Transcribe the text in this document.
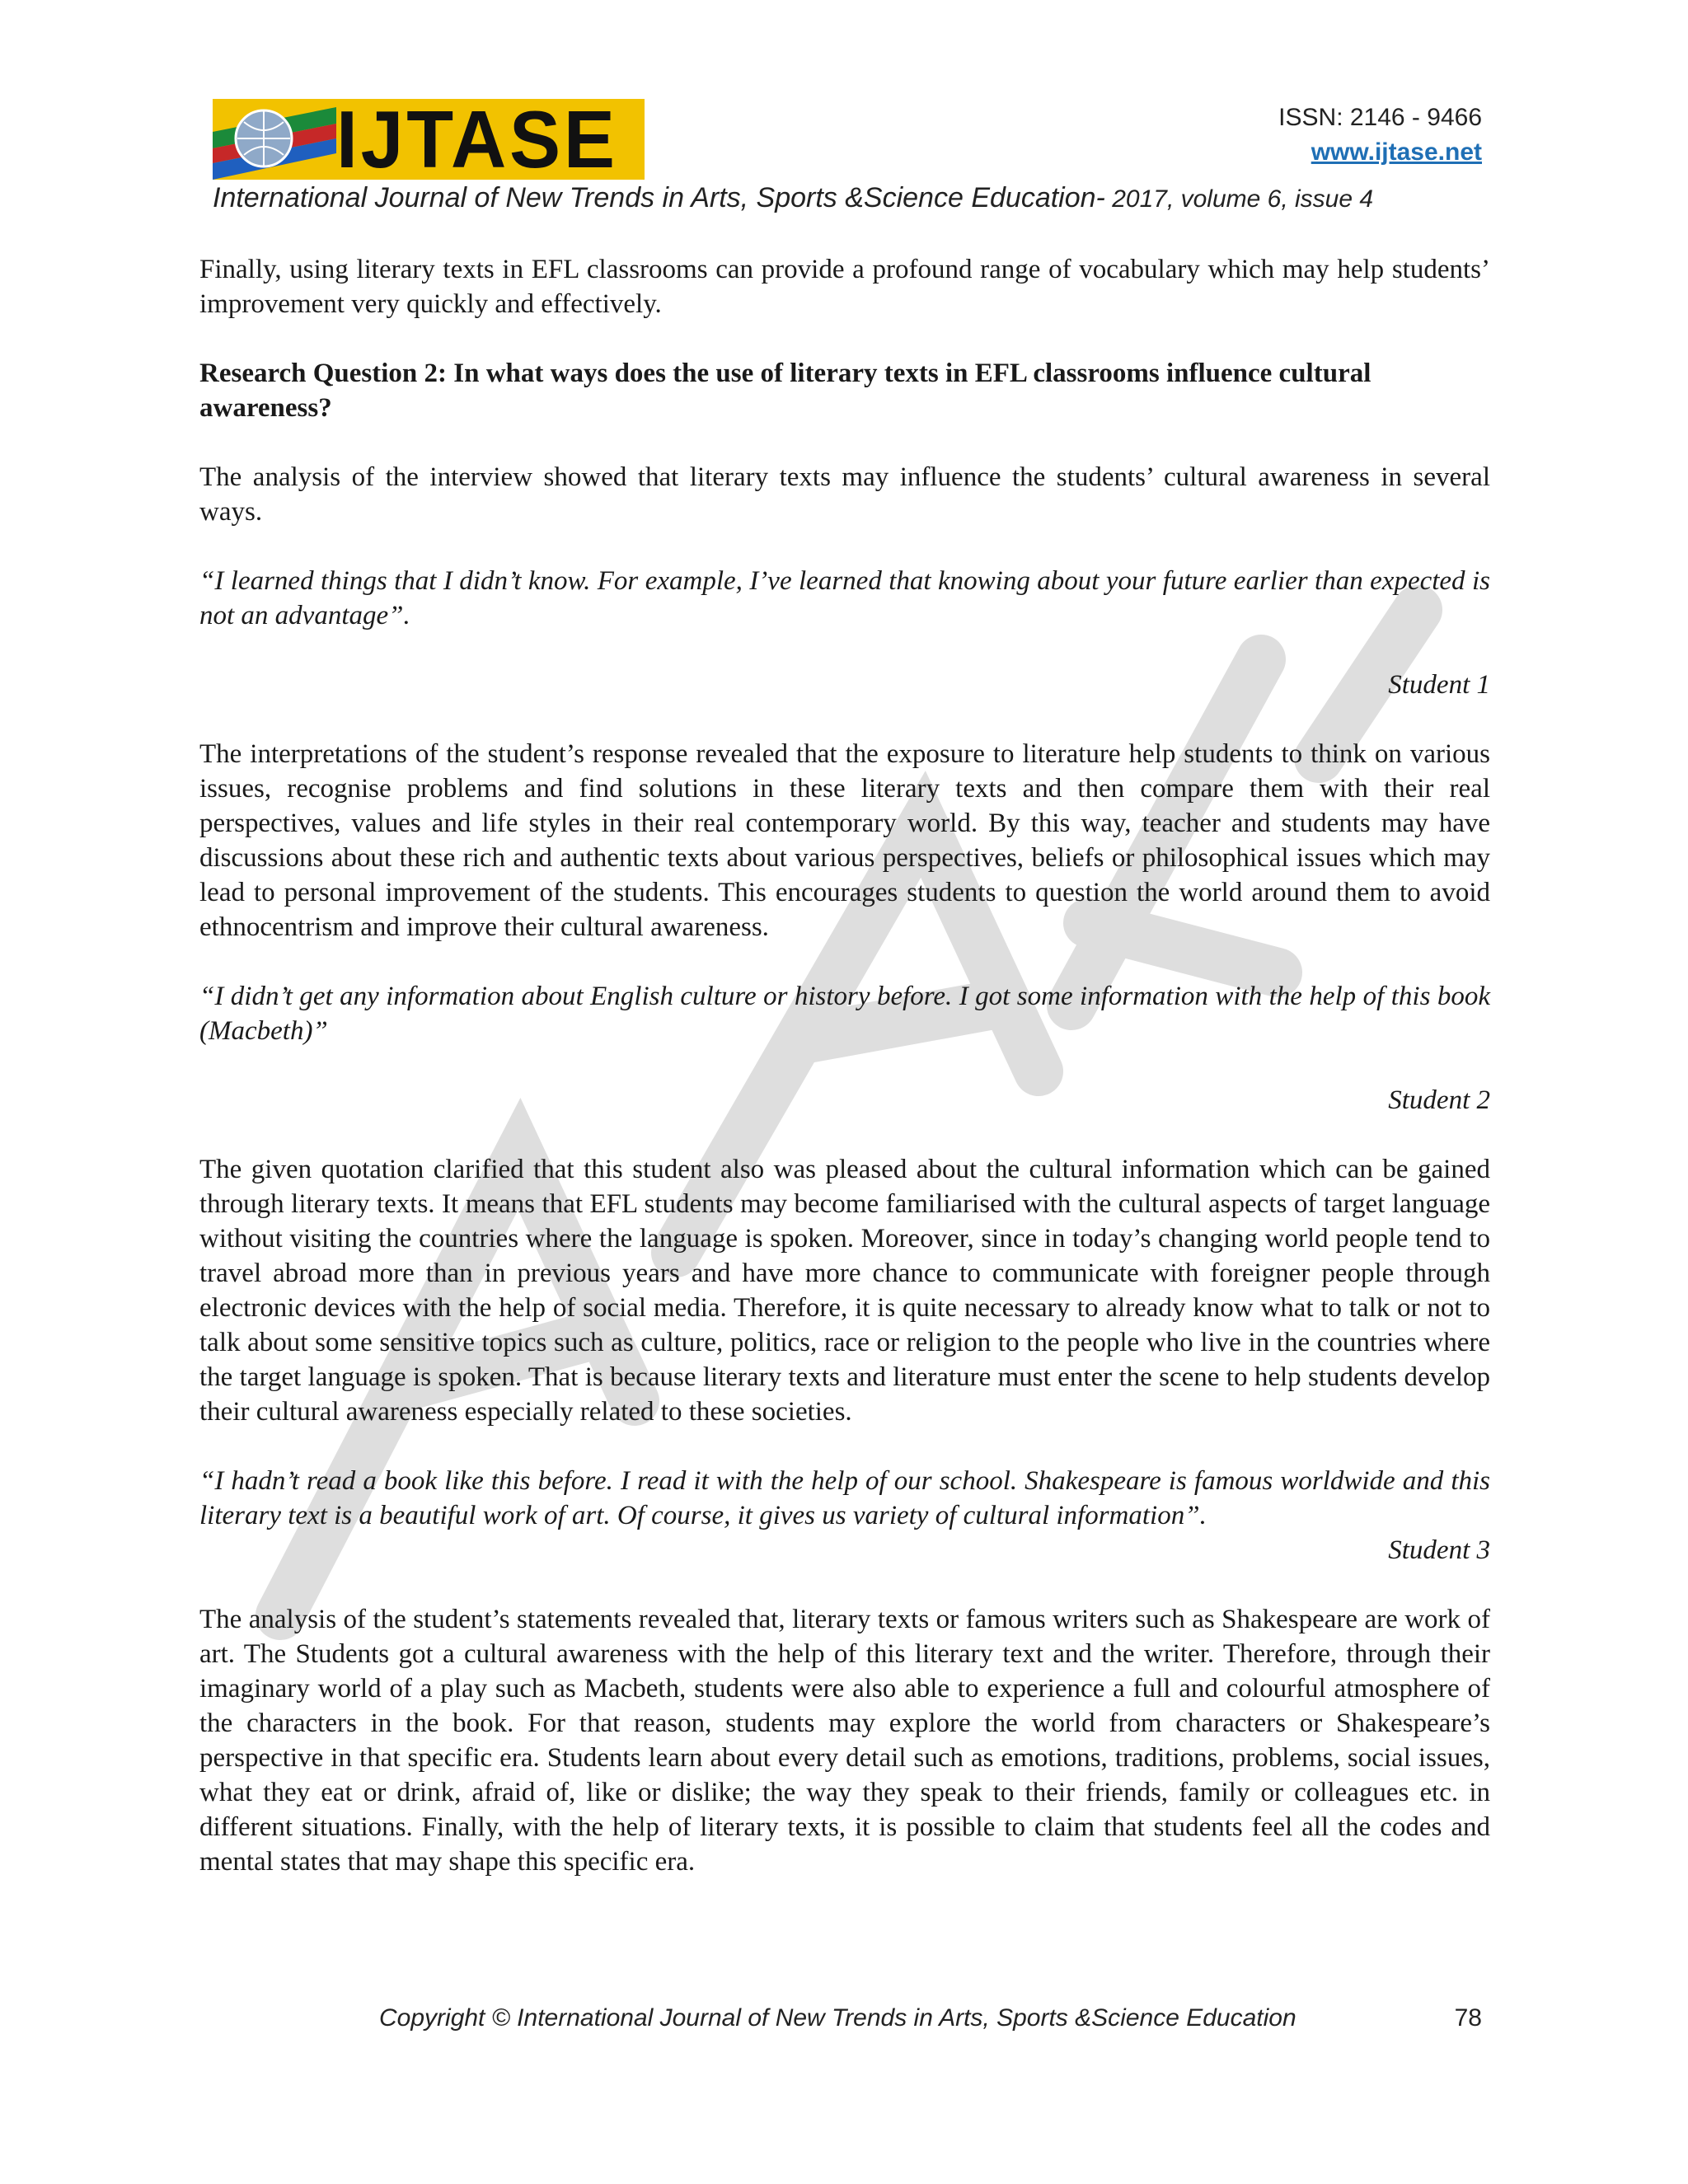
IJTASE	ISSN: 2146 - 9466
www.ijtase.net
International Journal of New Trends in Arts, Sports &Science Education- 2017, volume 6, issue 4

Finally, using literary texts in EFL classrooms can provide a profound range of vocabulary which may help students’ improvement very quickly and effectively.

Research Question 2: In what ways does the use of literary texts in EFL classrooms influence cultural awareness?

The analysis of the interview showed that literary texts may influence the students’ cultural awareness in several ways.

“I learned things that I didn’t know. For example, I’ve learned that knowing about your future earlier than expected is not an advantage”.

Student 1

The interpretations of the student’s response revealed that the exposure to literature help students to think on various issues, recognise problems and find solutions in these literary texts and then compare them with their real perspectives, values and life styles in their real contemporary world. By this way, teacher and students may have discussions about these rich and authentic texts about various perspectives, beliefs or philosophical issues which may lead to personal improvement of the students. This encourages students to question the world around them to avoid ethnocentrism and improve their cultural awareness.

“I didn’t get any information about English culture or history before. I got some information with the help of this book (Macbeth)”

Student 2

The given quotation clarified that this student also was pleased about the cultural information which can be gained through literary texts. It means that EFL students may become familiarised with the cultural aspects of target language without visiting the countries where the language is spoken. Moreover, since in today’s changing world people tend to travel abroad more than in previous years and have more chance to communicate with foreigner people through electronic devices with the help of social media. Therefore, it is quite necessary to already know what to talk or not to talk about some sensitive topics such as culture, politics, race or religion to the people who live in the countries where the target language is spoken. That is because literary texts and literature must enter the scene to help students develop their cultural awareness especially related to these societies.

“I hadn’t read a book like this before. I read it with the help of our school. Shakespeare is famous worldwide and this literary text is a beautiful work of art. Of course, it gives us variety of cultural information”.

Student 3

The analysis of the student’s statements revealed that, literary texts or famous writers such as Shakespeare are work of art. The Students got a cultural awareness with the help of this literary text and the writer. Therefore, through their imaginary world of a play such as Macbeth, students were also able to experience a full and colourful atmosphere of the characters in the book. For that reason, students may explore the world from characters or Shakespeare’s perspective in that specific era. Students learn about every detail such as emotions, traditions, problems, social issues, what they eat or drink, afraid of, like or dislike; the way they speak to their friends, family or colleagues etc. in different situations. Finally, with the help of literary texts, it is possible to claim that students feel all the codes and mental states that may shape this specific era.

Copyright © International Journal of New Trends in Arts, Sports &Science Education	78
